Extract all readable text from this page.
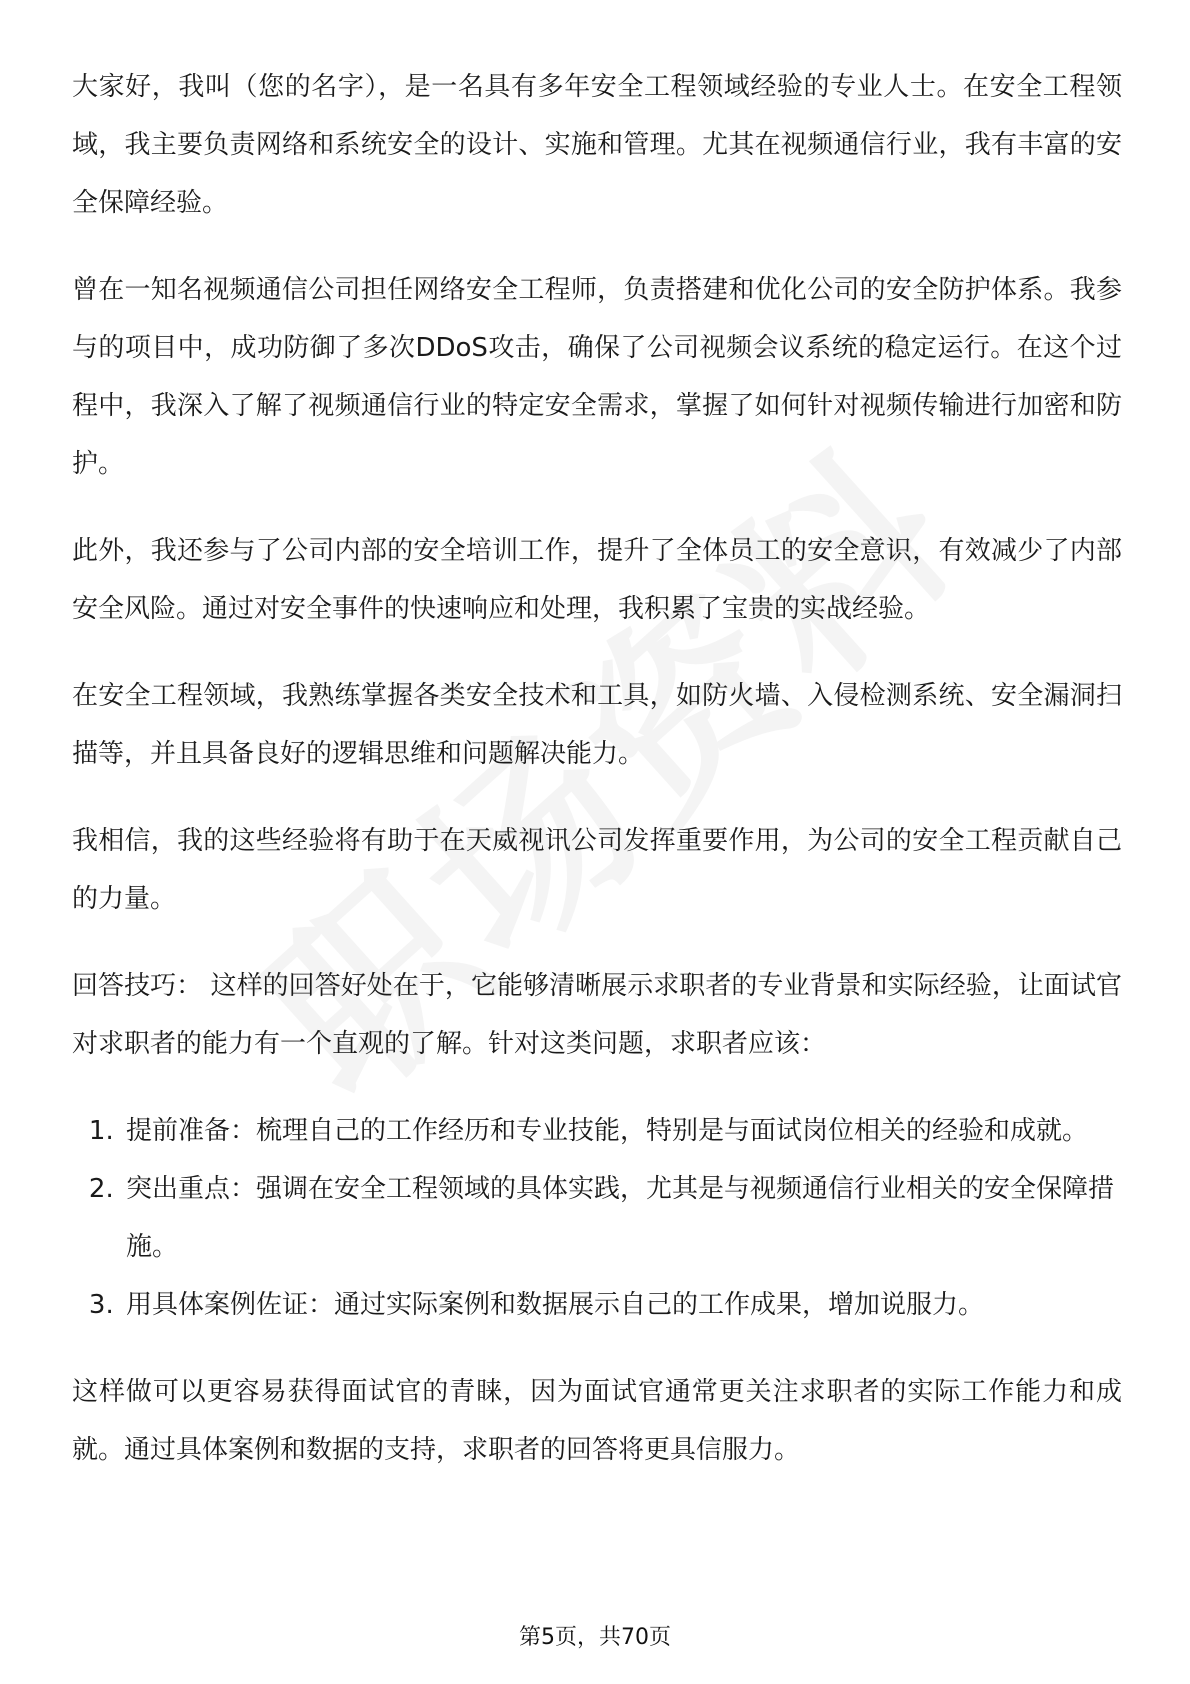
大家好，我叫（您的名字），是一名具有多年安全工程领域经验的专业人士。在安全工程领域，我主要负责网络和系统安全的设计、实施和管理。尤其在视频通信行业，我有丰富的安全保障经验。

曾在一知名视频通信公司担任网络安全工程师，负责搭建和优化公司的安全防护体系。我参与的项目中，成功防御了多次DDoS攻击，确保了公司视频会议系统的稳定运行。在这个过程中，我深入了解了视频通信行业的特定安全需求，掌握了如何针对视频传输进行加密和防护。

此外，我还参与了公司内部的安全培训工作，提升了全体员工的安全意识，有效减少了内部安全风险。通过对安全事件的快速响应和处理，我积累了宝贵的实战经验。

在安全工程领域，我熟练掌握各类安全技术和工具，如防火墙、入侵检测系统、安全漏洞扫描等，并且具备良好的逻辑思维和问题解决能力。

我相信，我的这些经验将有助于在天威视讯公司发挥重要作用，为公司的安全工程贡献自己的力量。

回答技巧： 这样的回答好处在于，它能够清晰展示求职者的专业背景和实际经验，让面试官对求职者的能力有一个直观的了解。针对这类问题，求职者应该：

1. 提前准备：梳理自己的工作经历和专业技能，特别是与面试岗位相关的经验和成就。
2. 突出重点：强调在安全工程领域的具体实践，尤其是与视频通信行业相关的安全保障措施。
3. 用具体案例佐证：通过实际案例和数据展示自己的工作成果，增加说服力。

这样做可以更容易获得面试官的青睐，因为面试官通常更关注求职者的实际工作能力和成就。通过具体案例和数据的支持，求职者的回答将更具信服力。

第5页，共70页
